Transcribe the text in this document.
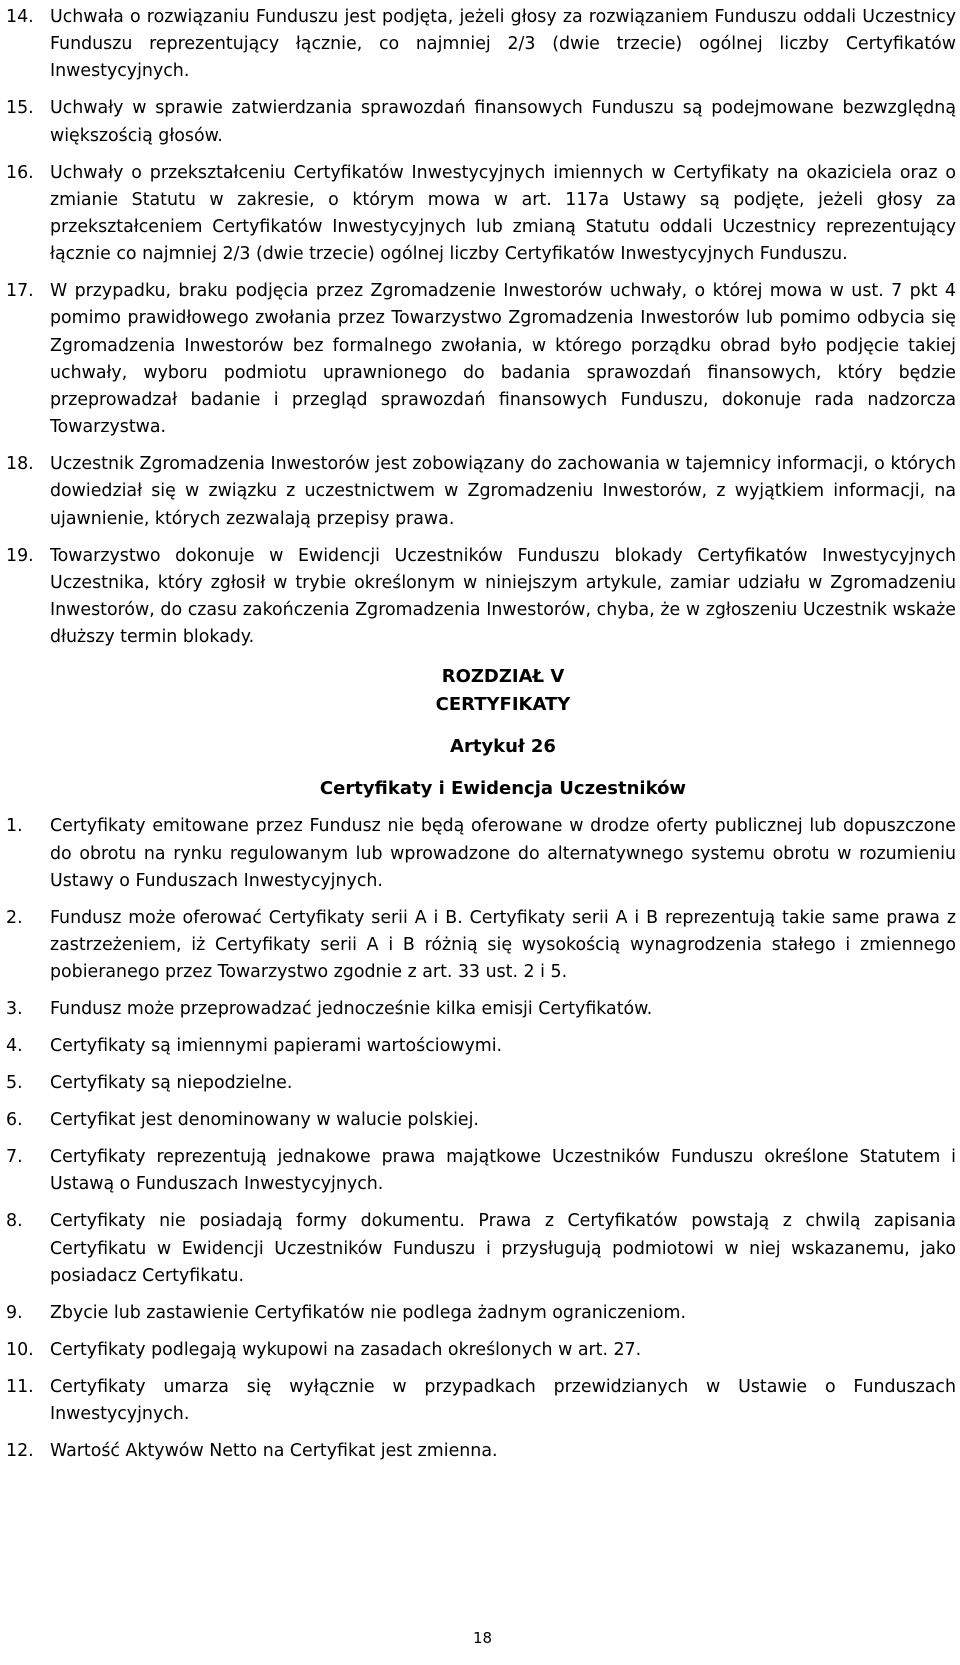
14. Uchwała o rozwiązaniu Funduszu jest podjęta, jeżeli głosy za rozwiązaniem Funduszu oddali Uczestnicy Funduszu reprezentujący łącznie, co najmniej 2/3 (dwie trzecie) ogólnej liczby Certyfikatów Inwestycyjnych.
15. Uchwały w sprawie zatwierdzania sprawozdań finansowych Funduszu są podejmowane bezwzględną większością głosów.
16. Uchwały o przekształceniu Certyfikatów Inwestycyjnych imiennych w Certyfikaty na okaziciela oraz o zmianie Statutu w zakresie, o którym mowa w art. 117a Ustawy są podjęte, jeżeli głosy za przekształceniem Certyfikatów Inwestycyjnych lub zmianą Statutu oddali Uczestnicy reprezentujący łącznie co najmniej 2/3 (dwie trzecie) ogólnej liczby Certyfikatów Inwestycyjnych Funduszu.
17. W przypadku, braku podjęcia przez Zgromadzenie Inwestorów uchwały, o której mowa w ust. 7 pkt 4 pomimo prawidłowego zwołania przez Towarzystwo Zgromadzenia Inwestorów lub pomimo odbycia się Zgromadzenia Inwestorów bez formalnego zwołania, w którego porządku obrad było podjęcie takiej uchwały, wyboru podmiotu uprawnionego do badania sprawozdań finansowych, który będzie przeprowadzał badanie i przegląd sprawozdań finansowych Funduszu, dokonuje rada nadzorcza Towarzystwa.
18. Uczestnik Zgromadzenia Inwestorów jest zobowiązany do zachowania w tajemnicy informacji, o których dowiedział się w związku z uczestnictwem w Zgromadzeniu Inwestorów, z wyjątkiem informacji, na ujawnienie, których zezwalają przepisy prawa.
19. Towarzystwo dokonuje w Ewidencji Uczestników Funduszu blokady Certyfikatów Inwestycyjnych Uczestnika, który zgłosił w trybie określonym w niniejszym artykule, zamiar udziału w Zgromadzeniu Inwestorów, do czasu zakończenia Zgromadzenia Inwestorów, chyba, że w zgłoszeniu Uczestnik wskaże dłuższy termin blokady.
ROZDZIAŁ V
CERTYFIKATY
Artykuł 26
Certyfikaty i Ewidencja Uczestników
1.	Certyfikaty emitowane przez Fundusz nie będą oferowane w drodze oferty publicznej lub dopuszczone do obrotu na rynku regulowanym lub wprowadzone do alternatywnego systemu obrotu w rozumieniu Ustawy o Funduszach Inwestycyjnych.
2.	Fundusz może oferować Certyfikaty serii A i B. Certyfikaty serii A i B reprezentują takie same prawa z zastrzeżeniem, iż Certyfikaty serii A i B różnią się wysokością wynagrodzenia stałego i zmiennego pobieranego przez Towarzystwo zgodnie z art. 33 ust. 2 i 5.
3.	Fundusz może przeprowadzać jednocześnie kilka emisji Certyfikatów.
4.	Certyfikaty są imiennymi papierami wartościowymi.
5.	Certyfikaty są niepodzielne.
6.	Certyfikat jest denominowany w walucie polskiej.
7.	Certyfikaty reprezentują jednakowe prawa majątkowe Uczestników Funduszu określone Statutem i Ustawą o Funduszach Inwestycyjnych.
8.	Certyfikaty nie posiadają formy dokumentu. Prawa z Certyfikatów powstają z chwilą zapisania Certyfikatu w Ewidencji Uczestników Funduszu i przysługują podmiotowi w niej wskazanemu, jako posiadacz Certyfikatu.
9.	Zbycie lub zastawienie Certyfikatów nie podlega żadnym ograniczeniom.
10. Certyfikaty podlegają wykupowi na zasadach określonych w art. 27.
11. Certyfikaty umarza się wyłącznie w przypadkach przewidzianych w Ustawie o Funduszach Inwestycyjnych.
12. Wartość Aktywów Netto na Certyfikat jest zmienna.
18
